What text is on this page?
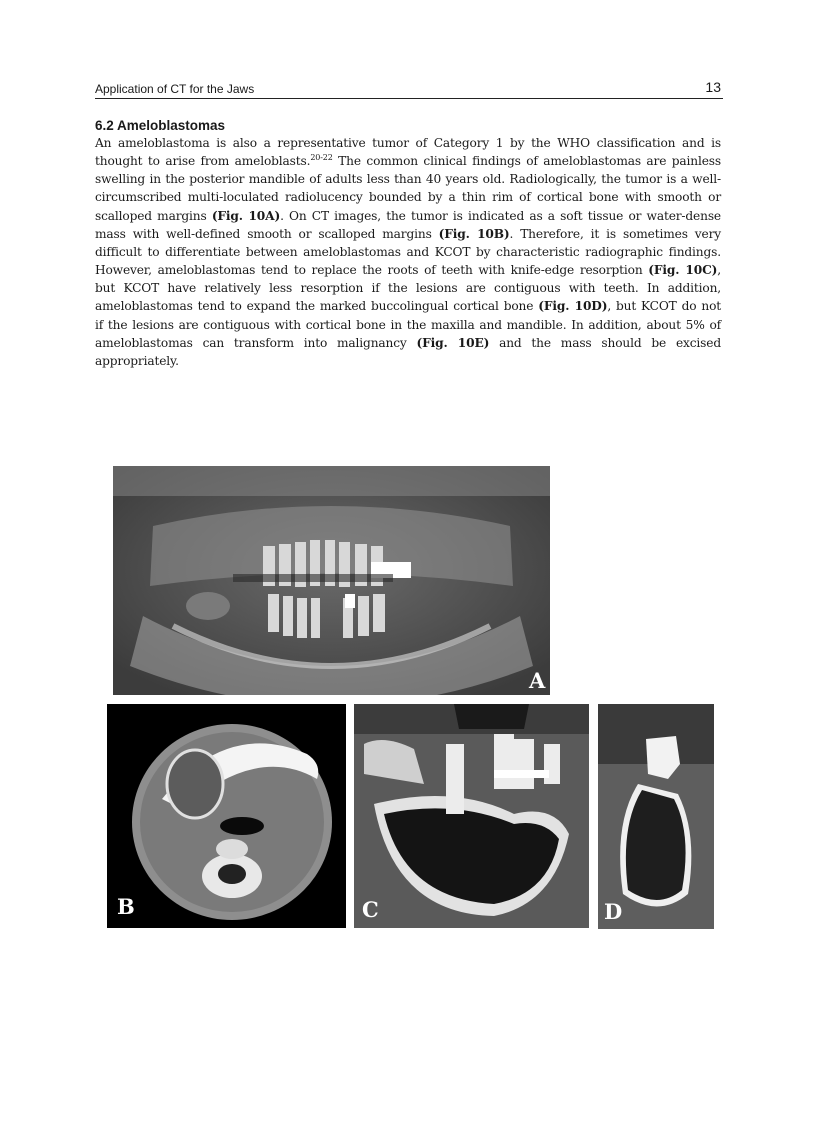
Application of CT for the Jaws	13
6.2 Ameloblastomas

An ameloblastoma is also a representative tumor of Category 1 by the WHO classification and is thought to arise from ameloblasts.$^{20-22}$ The common clinical findings of ameloblastomas are painless swelling in the posterior mandible of adults less than 40 years old. Radiologically, the tumor is a well-circumscribed multi-loculated radiolucency bounded by a thin rim of cortical bone with smooth or scalloped margins (Fig. 10A). On CT images, the tumor is indicated as a soft tissue or water-dense mass with well-defined smooth or scalloped margins (Fig. 10B). Therefore, it is sometimes very difficult to differentiate between ameloblastomas and KCOT by characteristic radiographic findings. However, ameloblastomas tend to replace the roots of teeth with knife-edge resorption (Fig. 10C), but KCOT have relatively less resorption if the lesions are contiguous with teeth. In addition, ameloblastomas tend to expand the marked buccolingual cortical bone (Fig. 10D), but KCOT do not if the lesions are contiguous with cortical bone in the maxilla and mandible. In addition, about 5% of ameloblastomas can transform into malignancy (Fig. 10E) and the mass should be excised appropriately.

A
B	C	D
